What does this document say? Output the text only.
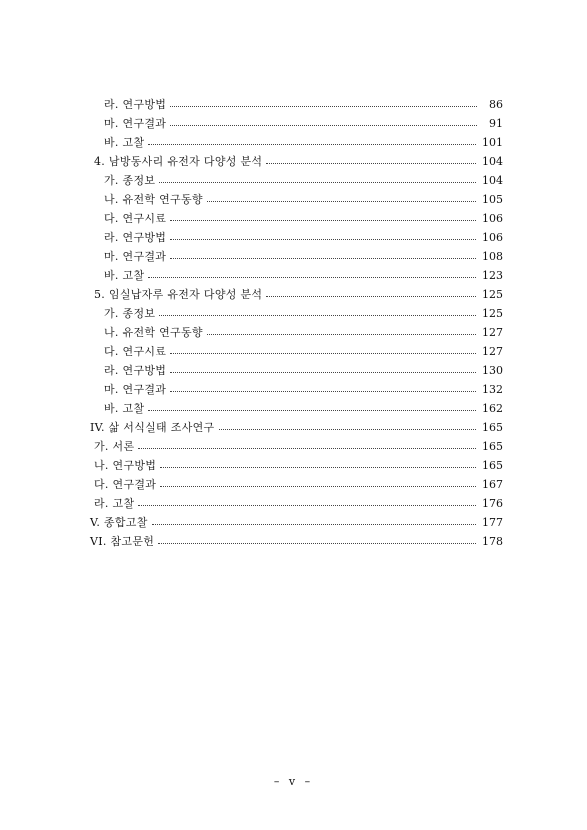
라. 연구방법	86
마. 연구결과	91
바. 고찰	101
4. 남방동사리 유전자 다양성 분석	104
가. 종정보	104
나. 유전학 연구동향	105
다. 연구시료	106
라. 연구방법	106
마. 연구결과	108
바. 고찰	123
5. 임실납자루 유전자 다양성 분석	125
가. 종정보	125
나. 유전학 연구동향	127
다. 연구시료	127
라. 연구방법	130
마. 연구결과	132
바. 고찰	162
IV. 삶 서식실태 조사연구	165
가. 서론	165
나. 연구방법	165
다. 연구결과	167
라. 고찰	176
V. 종합고찰	177
VI. 참고문헌	178
– v –
